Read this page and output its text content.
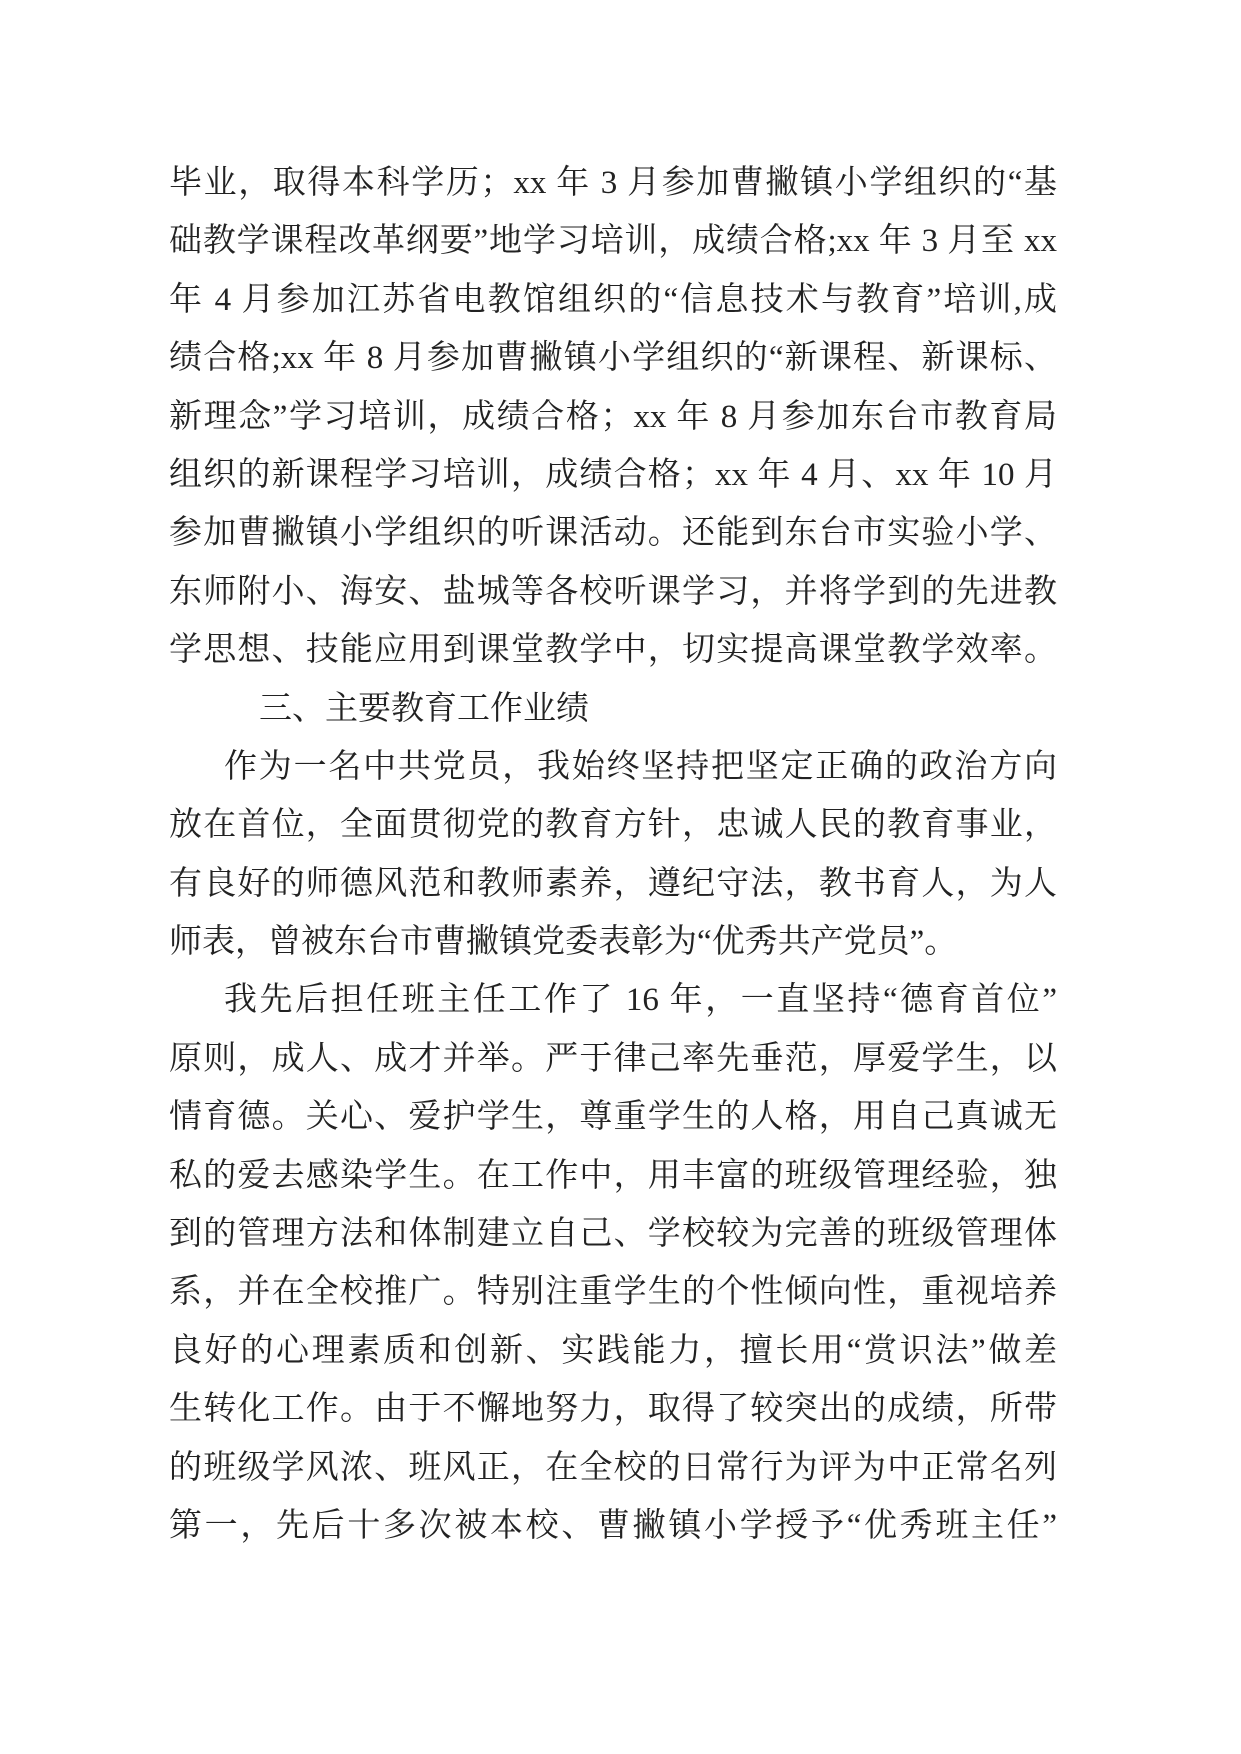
毕业，取得本科学历；xx 年 3 月参加曹撇镇小学组织的“基
础教学课程改革纲要”地学习培训，成绩合格;xx 年 3 月至 xx
年 4 月参加江苏省电教馆组织的“信息技术与教育”培训,成
绩合格;xx 年 8 月参加曹撇镇小学组织的“新课程、新课标、
新理念”学习培训，成绩合格；xx 年 8 月参加东台市教育局
组织的新课程学习培训，成绩合格；xx 年 4 月、xx 年 10 月
参加曹撇镇小学组织的听课活动。还能到东台市实验小学、
东师附小、海安、盐城等各校听课学习，并将学到的先进教
学思想、技能应用到课堂教学中，切实提高课堂教学效率。
三、主要教育工作业绩
作为一名中共党员，我始终坚持把坚定正确的政治方向
放在首位，全面贯彻党的教育方针，忠诚人民的教育事业，
有良好的师德风范和教师素养，遵纪守法，教书育人，为人
师表，曾被东台市曹撇镇党委表彰为“优秀共产党员”。
我先后担任班主任工作了 16 年，一直坚持“德育首位”
原则，成人、成才并举。严于律己率先垂范，厚爱学生，以
情育德。关心、爱护学生，尊重学生的人格，用自己真诚无
私的爱去感染学生。在工作中，用丰富的班级管理经验，独
到的管理方法和体制建立自己、学校较为完善的班级管理体
系，并在全校推广。特别注重学生的个性倾向性，重视培养
良好的心理素质和创新、实践能力，擅长用“赏识法”做差
生转化工作。由于不懈地努力，取得了较突出的成绩，所带
的班级学风浓、班风正，在全校的日常行为评为中正常名列
第一，先后十多次被本校、曹撇镇小学授予“优秀班主任”
